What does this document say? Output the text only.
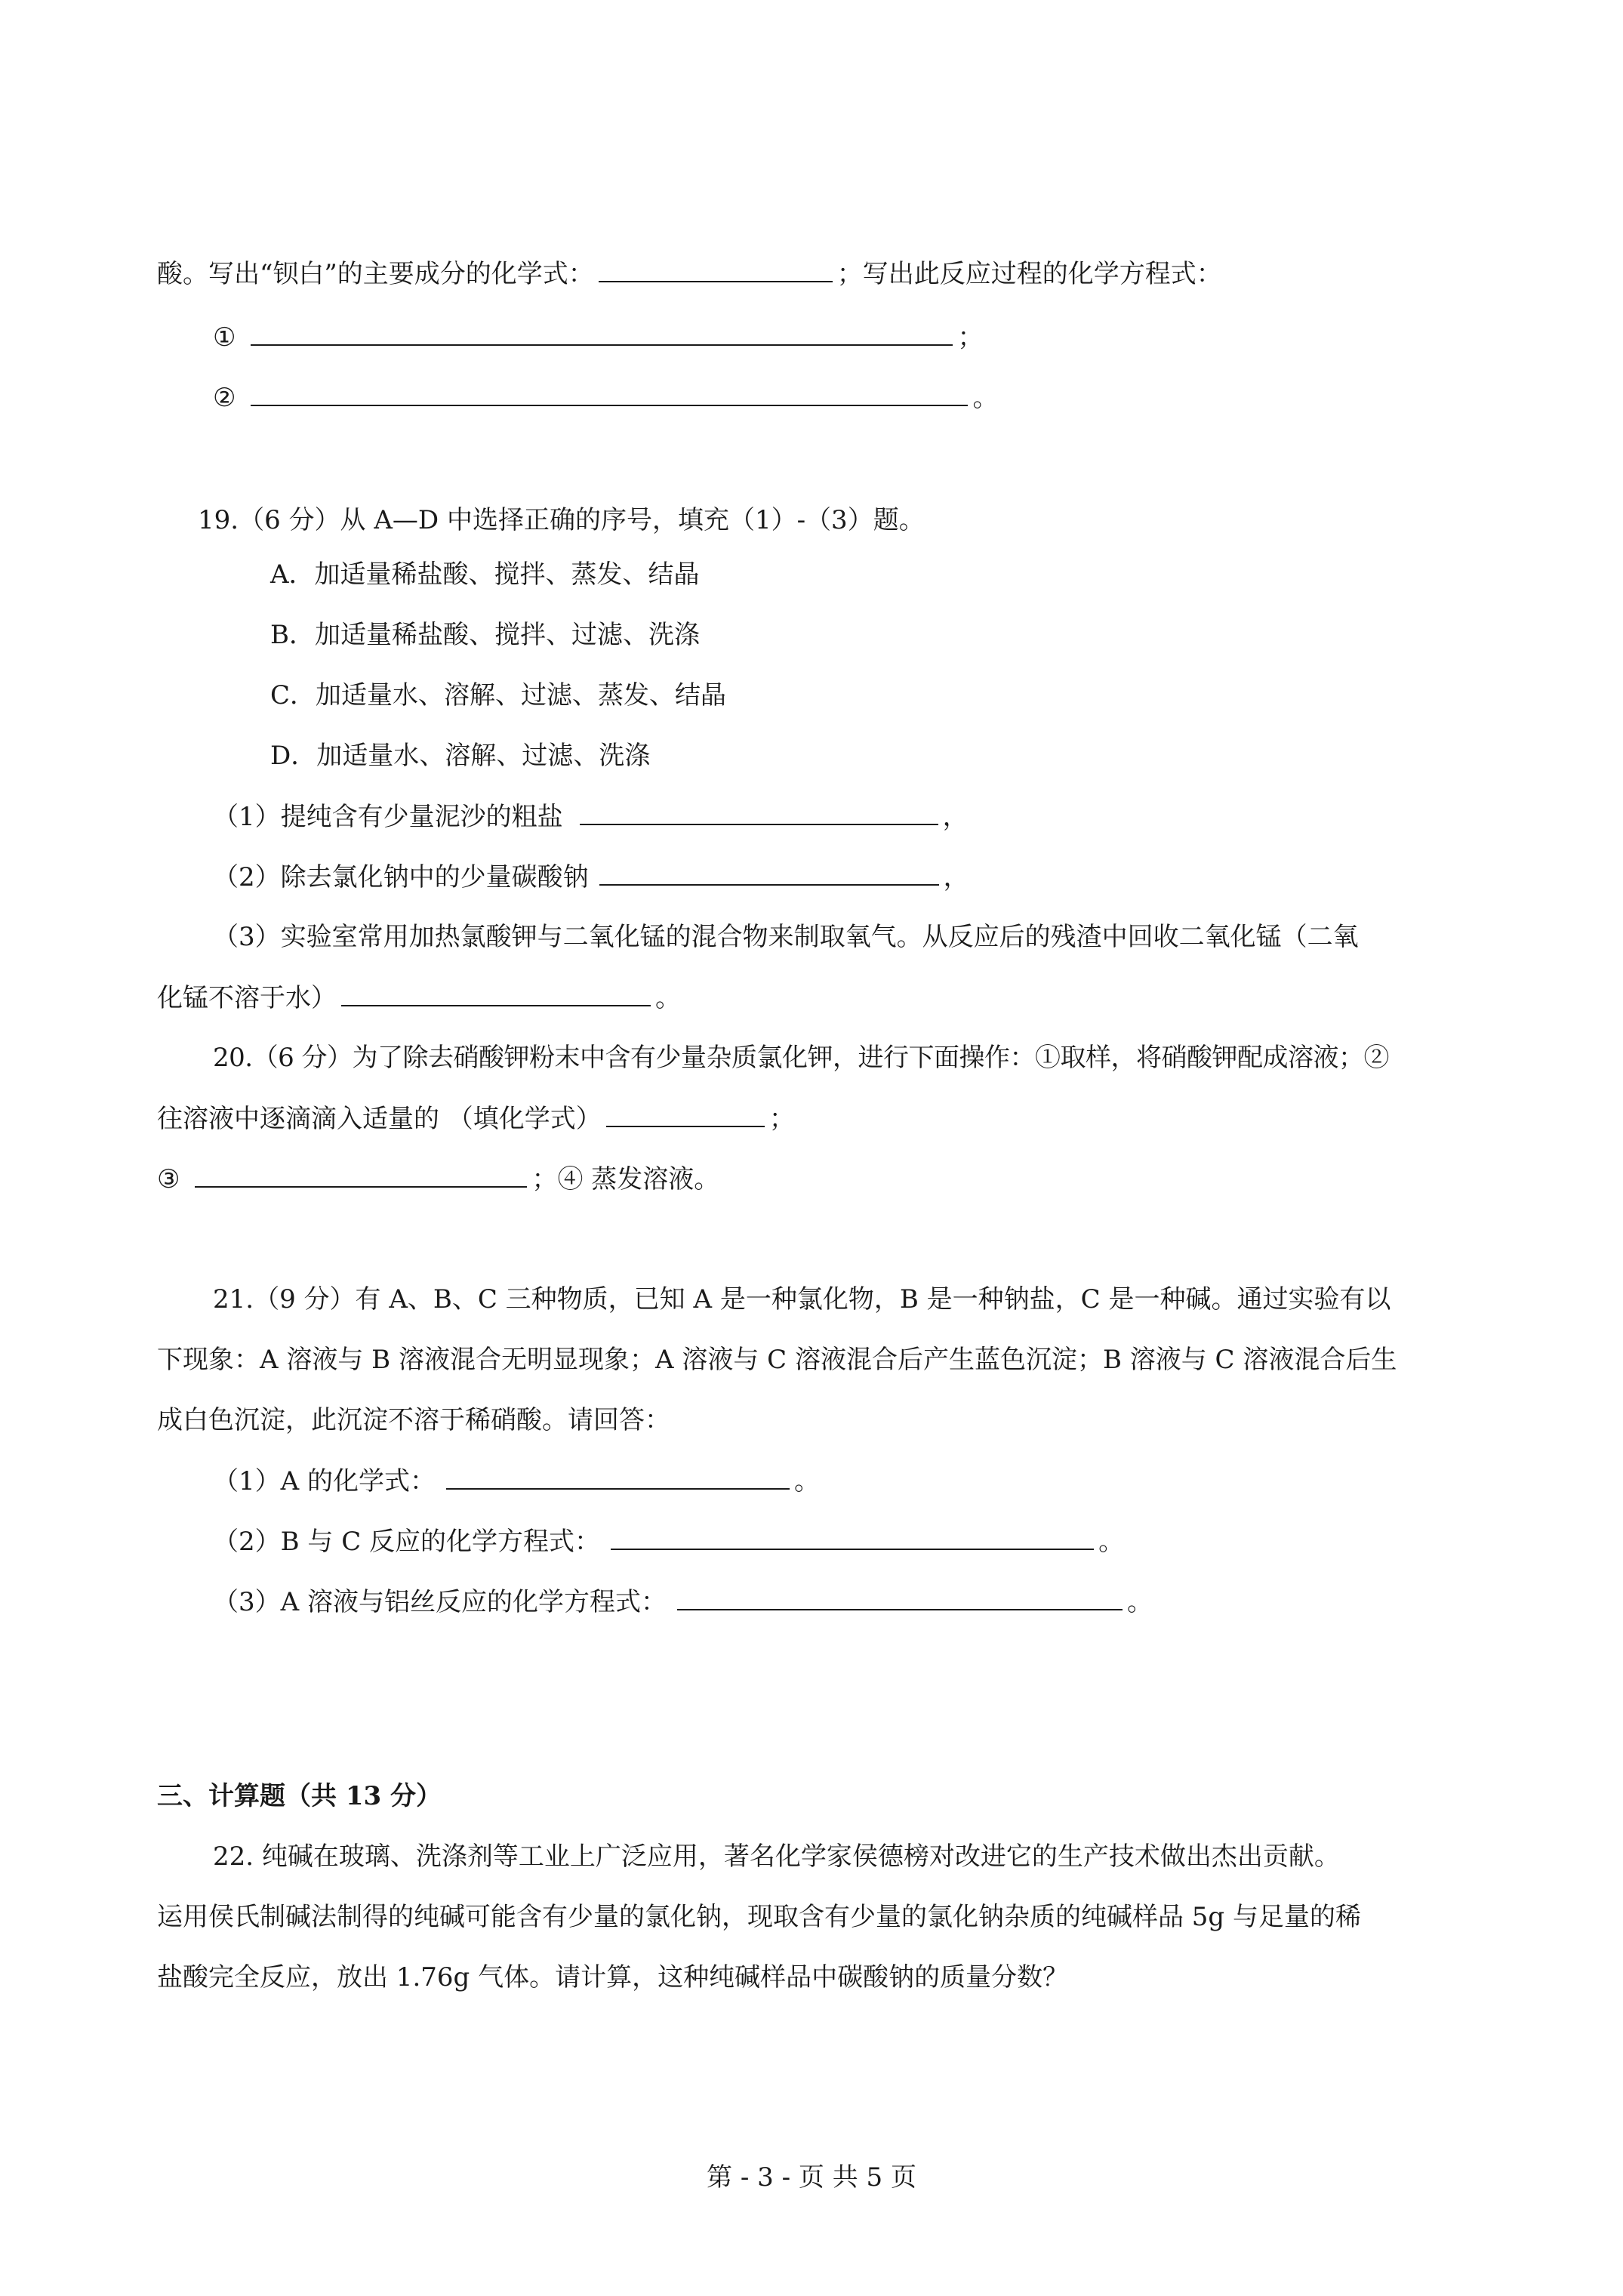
酸。写出“钡白”的主要成分的化学式：	；写出此反应过程的化学方程式：
①	；
②	。
19.（6 分）从 A—D 中选择正确的序号，填充（1）-（3）题。
A．加适量稀盐酸、搅拌、蒸发、结晶
B．加适量稀盐酸、搅拌、过滤、洗涤
C．加适量水、溶解、过滤、蒸发、结晶
D．加适量水、溶解、过滤、洗涤
（1）提纯含有少量泥沙的粗盐	，
（2）除去氯化钠中的少量碳酸钠	，
（3）实验室常用加热氯酸钾与二氧化锰的混合物来制取氧气。从反应后的残渣中回收二氧化锰（二氧
化锰不溶于水）	。
20.（6 分）为了除去硝酸钾粉末中含有少量杂质氯化钾，进行下面操作：①取样，将硝酸钾配成溶液；②
往溶液中逐滴滴入适量的 （填化学式）	；
③	；④ 蒸发溶液。
21.（9 分）有 A、B、C 三种物质，已知 A 是一种氯化物，B 是一种钠盐，C 是一种碱。通过实验有以
下现象：A 溶液与 B 溶液混合无明显现象；A 溶液与 C 溶液混合后产生蓝色沉淀；B 溶液与 C 溶液混合后生
成白色沉淀，此沉淀不溶于稀硝酸。请回答：
（1）A 的化学式：	。
（2）B 与 C 反应的化学方程式：	。
（3）A 溶液与铝丝反应的化学方程式：	。
三、计算题（共 13 分）
22. 纯碱在玻璃、洗涤剂等工业上广泛应用，著名化学家侯德榜对改进它的生产技术做出杰出贡献。
运用侯氏制碱法制得的纯碱可能含有少量的氯化钠，现取含有少量的氯化钠杂质的纯碱样品 5g 与足量的稀
盐酸完全反应，放出 1.76g 气体。请计算，这种纯碱样品中碳酸钠的质量分数？
第 - 3 - 页 共 5 页
